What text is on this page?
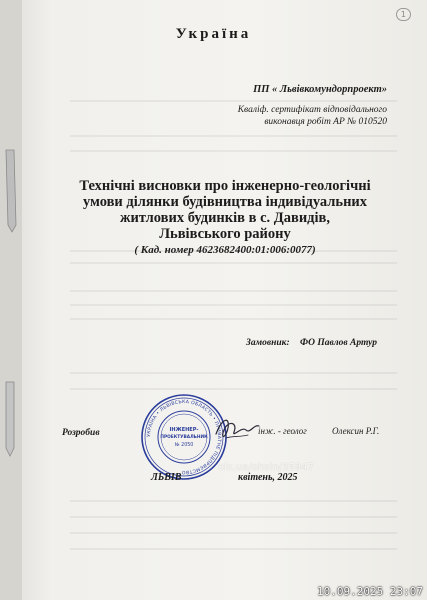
Україна
1
ПП « Львівкомундорпроект»
Кваліф. сертифікат відповідального
виконавця робіт АР № 010520
Технічні висновки про інженерно-геологічні
умови ділянки будівництва індивідуальних
житлових будинків в с. Давидів,
Львівського району
( Кад. номер 4623682400:01:006:0077)
Замовник: ФО Павлов Артур
Розробив	інж. - геолог	Олексин Р.Г.
УКРАЇНА • ЛЬВІВСЬКА ОБЛАСТЬ • ПРИВАТНЕ ПІДПРИЄМСТВО
ІНЖЕНЕР-
ПРОЕКТУВАЛЬНИК
№ 2050
ЛЬВІВ	квітень, 2025
olx.ua/ohsin/35947
10.09.2025 23:07
